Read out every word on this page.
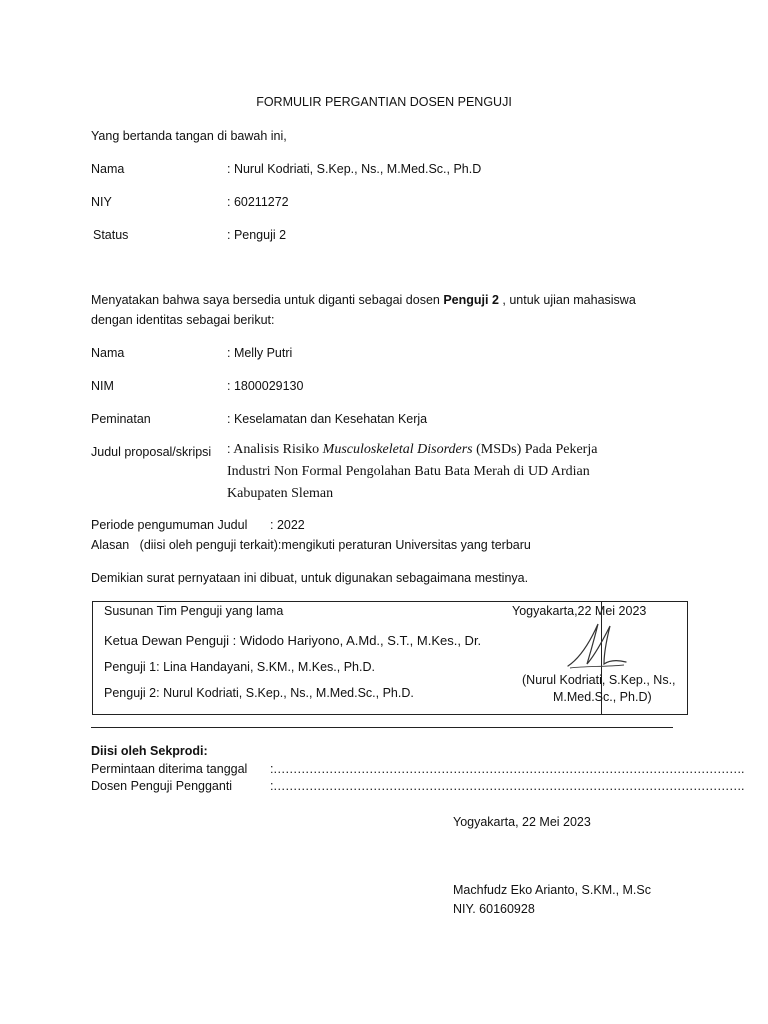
FORMULIR PERGANTIAN DOSEN PENGUJI
Yang bertanda tangan di bawah ini,
Nama	: Nurul Kodriati, S.Kep., Ns., M.Med.Sc., Ph.D
NIY	: 60211272
Status	: Penguji 2
Menyatakan bahwa saya bersedia untuk diganti sebagai dosen Penguji 2 , untuk ujian mahasiswa
dengan identitas sebagai berikut:
Nama	: Melly Putri
NIM	: 1800029130
Peminatan	: Keselamatan dan Kesehatan Kerja
Judul proposal/skripsi : Analisis Risiko Musculoskeletal Disorders (MSDs) Pada Pekerja
Industri Non Formal Pengolahan Batu Bata Merah di UD Ardian
Kabupaten Sleman
Periode pengumuman Judul : 2022
Alasan (diisi oleh penguji terkait):mengikuti peraturan Universitas yang terbaru
Demikian surat pernyataan ini dibuat, untuk digunakan sebagaimana mestinya.
Susunan Tim Penguji yang lama
Ketua Dewan Penguji : Widodo Hariyono, A.Md., S.T., M.Kes., Dr.
Penguji 1: Lina Handayani, S.KM., M.Kes., Ph.D.
Penguji 2: Nurul Kodriati, S.Kep., Ns., M.Med.Sc., Ph.D.
Yogyakarta,22 Mei 2023
(Nurul Kodriati, S.Kep., Ns.,
M.Med.Sc., Ph.D)
Diisi oleh Sekprodi:
Permintaan diterima tanggal :……………………………………………………………………………………………………….
Dosen Penguji Pengganti	:……………………………………………………………………………………………………….
Yogyakarta, 22 Mei 2023
Machfudz Eko Arianto, S.KM., M.Sc
NIY. 60160928
